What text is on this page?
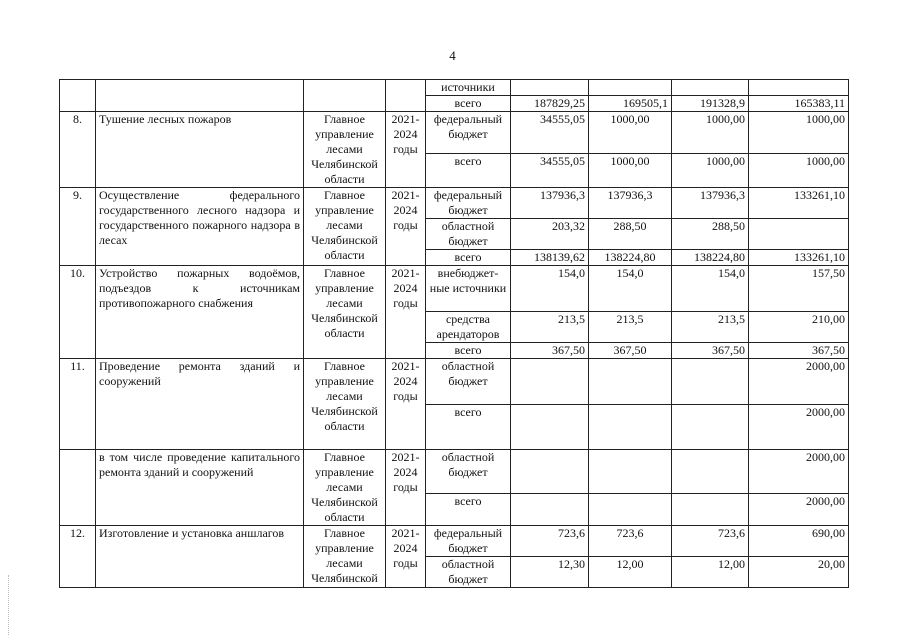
4
				источники				
				всего	187829,25	169505,1	191328,9	165383,11
8.	Тушение лесных пожаров	Главное управление лесами Челябинской области	2021-2024 годы	федеральный бюджет	34555,05	1000,00	1000,00	1000,00
				всего	34555,05	1000,00	1000,00	1000,00
9.	Осуществление федерального государственного лесного надзора и государственного пожарного надзора в лесах	Главное управление лесами Челябинской области	2021-2024 годы	федеральный бюджет	137936,3	137936,3	137936,3	133261,10
				областной бюджет	203,32	288,50	288,50	
				всего	138139,62	138224,80	138224,80	133261,10
10.	Устройство пожарных водоёмов, подъездов к источникам противопожарного снабжения	Главное управление лесами Челябинской области	2021-2024 годы	внебюджет-ные источники	154,0	154,0	154,0	157,50
				средства арендаторов	213,5	213,5	213,5	210,00
				всего	367,50	367,50	367,50	367,50
11.	Проведение ремонта зданий и сооружений	Главное управление лесами Челябинской области	2021-2024 годы	областной бюджет				2000,00
				всего				2000,00
	в том числе проведение капитального ремонта зданий и сооружений	Главное управление лесами Челябинской области	2021-2024 годы	областной бюджет				2000,00
				всего				2000,00
12.	Изготовление и установка аншлагов	Главное управление лесами Челябинской	2021-2024 годы	федеральный бюджет	723,6	723,6	723,6	690,00
				областной бюджет	12,30	12,00	12,00	20,00
